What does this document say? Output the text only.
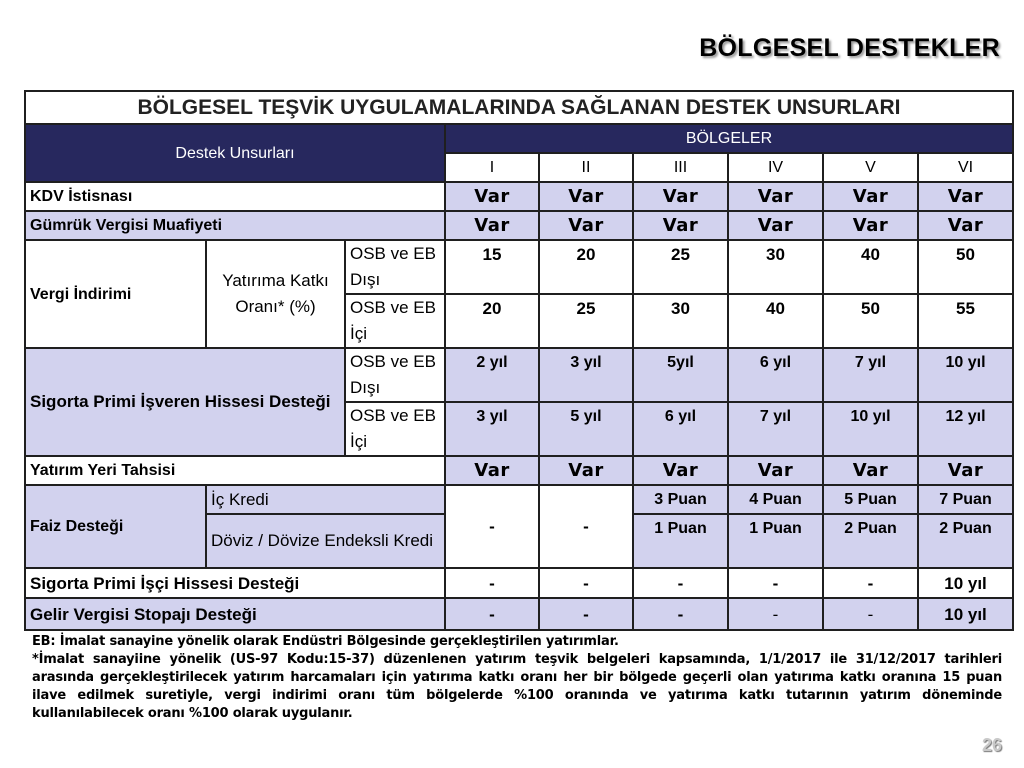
BÖLGESEL DESTEKLER
BÖLGESEL TEŞVİK UYGULAMALARINDA SAĞLANAN DESTEK UNSURLARI								
Destek Unsurları			BÖLGELER					
			I	II	III	IV	V	VI
KDV İstisnası			Var	Var	Var	Var	Var	Var
Gümrük Vergisi Muafiyeti			Var	Var	Var	Var	Var	Var
Vergi İndirimi	Yatırıma Katkı Oranı* (%)	OSB ve EB Dışı	15	20	25	30	40	50
		OSB ve EB İçi	20	25	30	40	50	55
Sigorta Primi İşveren Hissesi Desteği		OSB ve EB Dışı	2 yıl	3 yıl	5yıl	6 yıl	7 yıl	10 yıl
		OSB ve EB İçi	3 yıl	5 yıl	6 yıl	7 yıl	10 yıl	12 yıl
Yatırım Yeri Tahsisi			Var	Var	Var	Var	Var	Var
Faiz Desteği	İç Kredi		-	-	3 Puan	4 Puan	5 Puan	7 Puan
	Döviz / Dövize Endeksli Kredi				1 Puan	1 Puan	2 Puan	2 Puan
Sigorta Primi İşçi Hissesi Desteği			-	-	-	-	-	10 yıl
Gelir Vergisi Stopajı Desteği			-	-	-	-	-	10 yıl

EB: İmalat sanayine yönelik olarak Endüstri Bölgesinde gerçekleştirilen yatırımlar.

*İmalat sanayiine yönelik (US-97 Kodu:15-37) düzenlenen yatırım teşvik belgeleri kapsamında, 1/1/2017 ile 31/12/2017 tarihleri arasında gerçekleştirilecek yatırım harcamaları için yatırıma katkı oranı her bir bölgede geçerli olan yatırıma katkı oranına 15 puan ilave edilmek suretiyle, vergi indirimi oranı tüm bölgelerde %100 oranında ve yatırıma katkı tutarının yatırım döneminde kullanılabilecek oranı %100 olarak uygulanır.

26
